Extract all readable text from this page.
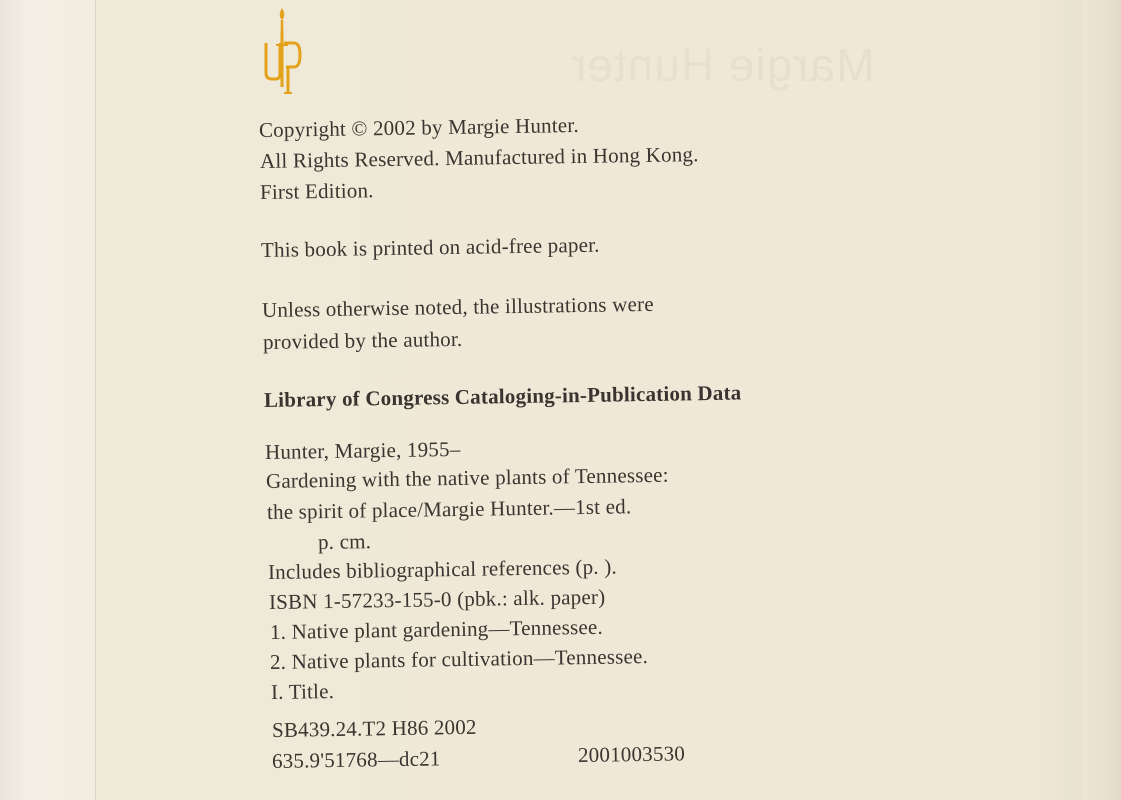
Margie Hunter
Copyright © 2002 by Margie Hunter.
All Rights Reserved. Manufactured in Hong Kong.
First Edition.
This book is printed on acid-free paper.
Unless otherwise noted, the illustrations were
provided by the author.
Library of Congress Cataloging-in-Publication Data
Hunter, Margie, 1955–
Gardening with the native plants of Tennessee:
the spirit of place/Margie Hunter.—1st ed.
p. cm.
Includes bibliographical references (p. ).
ISBN 1-57233-155-0 (pbk.: alk. paper)
1. Native plant gardening—Tennessee.
2. Native plants for cultivation—Tennessee.
I. Title.
SB439.24.T2 H86 2002
635.9'51768—dc21	2001003530
